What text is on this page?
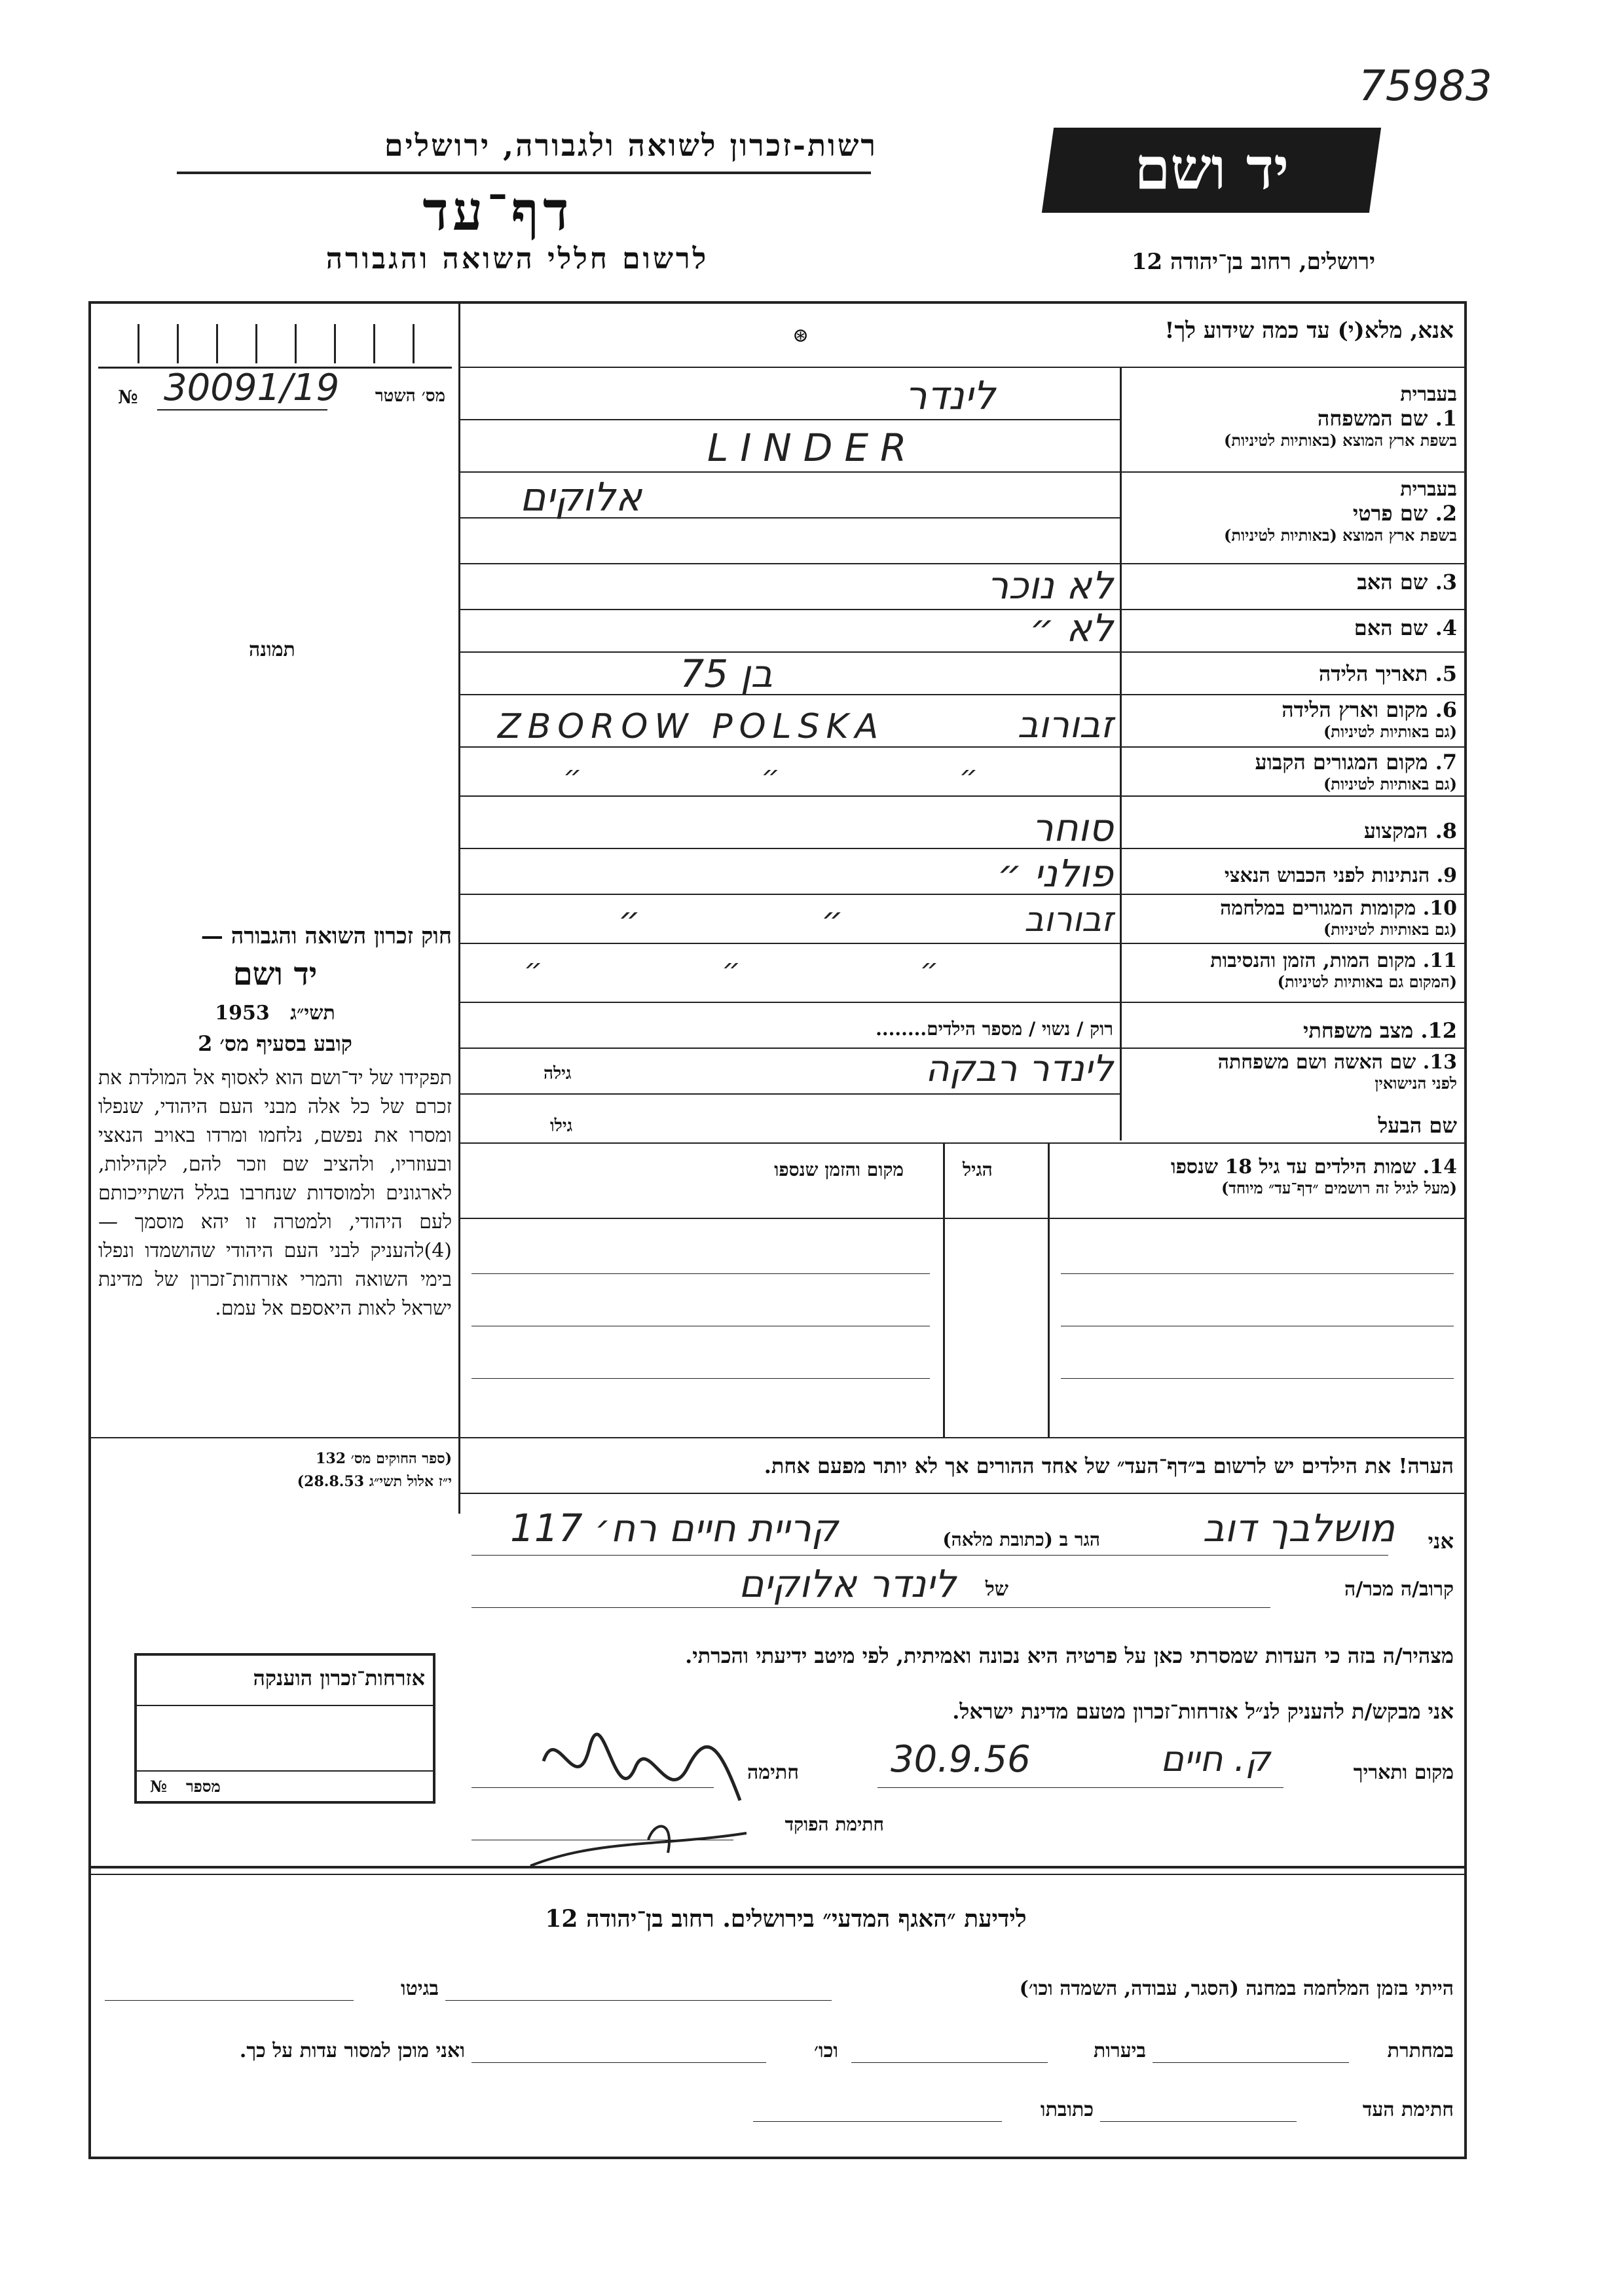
75983
רשות-זכרון לשואה ולגבורה, ירושלים
דף־עד
לרשום חללי השואה והגבורה
יד ושם
ירושלים, רחוב בן־יהודה 12
אנא, מלא(י) עד כמה שידוע לך!
⊛
№ 30091/19	מס׳ השטר
תמונה
חוק זכרון השואה והגבורה —
יד ושם
תשי״ג   1953
קובע בסעיף מס׳ 2
תפקידו של יד־ושם הוא לאסוף אל המולדת את זכרם של כל אלה מבני העם היהודי, שנפלו ומסרו את נפשם, נלחמו ומרדו באויב הנאצי ובעוזריו, ולהציב שם וזכר להם, לקהילות, לארגונים ולמוסדות שנחרבו בגלל השתייכותם לעם היהודי, ולמטרה זו יהא מוסמך — (4)להעניק לבני העם היהודי שהושמדו ונפלו בימי השואה והמרי אזרחות־זכרון של מדינת ישראל לאות היאספם אל עמם.
(ספר החוקים מס׳ 132
י״ז אלול תשי״ג 28.8.53)
אזרחות־זכרון הוענקה
№ מספר
בעברית
1. שם המשפחה
בשפת ארץ המוצא (באותיות לטיניות)
לינדר
LINDER
בעברית
2. שם פרטי
בשפת ארץ המוצא (באותיות לטיניות)
אלוקים
3. שם האב
לא נוכר
4. שם האם
לא ״
5. תאריך הלידה
בן 75
6. מקום וארץ הלידה
(גם באותיות לטיניות)
זבורוב
ZBOROW POLSKA
7. מקום המגורים הקבוע
(גם באותיות לטיניות)
״ ״ ״
8. המקצוע
סוחר
9. הנתינות לפני הכבוש הנאצי
פולני ״
10. מקומות המגורים במלחמה
(גם באותיות לטיניות)
זבורוב ״ ״
11. מקום המות, הזמן והנסיבות
(המקום גם באותיות לטיניות)
״ ״ ״
12. מצב משפחתי
רוק / נשוי / מספר הילדים........
13. שם האשה ושם משפחתה
לפני הנישואין
לינדר רבקה
גילה
שם הבעל
גילו
14. שמות הילדים עד גיל 18 שנספו
(מעל לגיל זה רושמים ״דף־עד״ מיוחד)
הגיל
מקום והזמן שנספו
הערה! את הילדים יש לרשום ב״דף־העד״ של אחד ההורים אך לא יותר מפעם אחת.
אני
מושלבך דוב
הגר ב (כתובת מלאה)
קריית חיים רח׳ 117
קרוב/ה מכר/ה
של
לינדר אלוקים
מצהיר/ה בזה כי העדות שמסרתי כאן על פרטיה היא נכונה ואמיתית, לפי מיטב ידיעתי והכרתי.
אני מבקש/ת להעניק לנ״ל אזרחות־זכרון מטעם מדינת ישראל.
מקום ותאריך
ק. חיים
30.9.56
חתימה
חתימת הפוקד
לידיעת ״האגף המדעי״ בירושלים. רחוב בן־יהודה 12
הייתי בזמן המלחמה במחנה (הסגר, עבודה, השמדה וכו׳)
בגיטו
במחתרת
ביערות
וכו׳
ואני מוכן למסור עדות על כך.
חתימת העד
כתובתו
